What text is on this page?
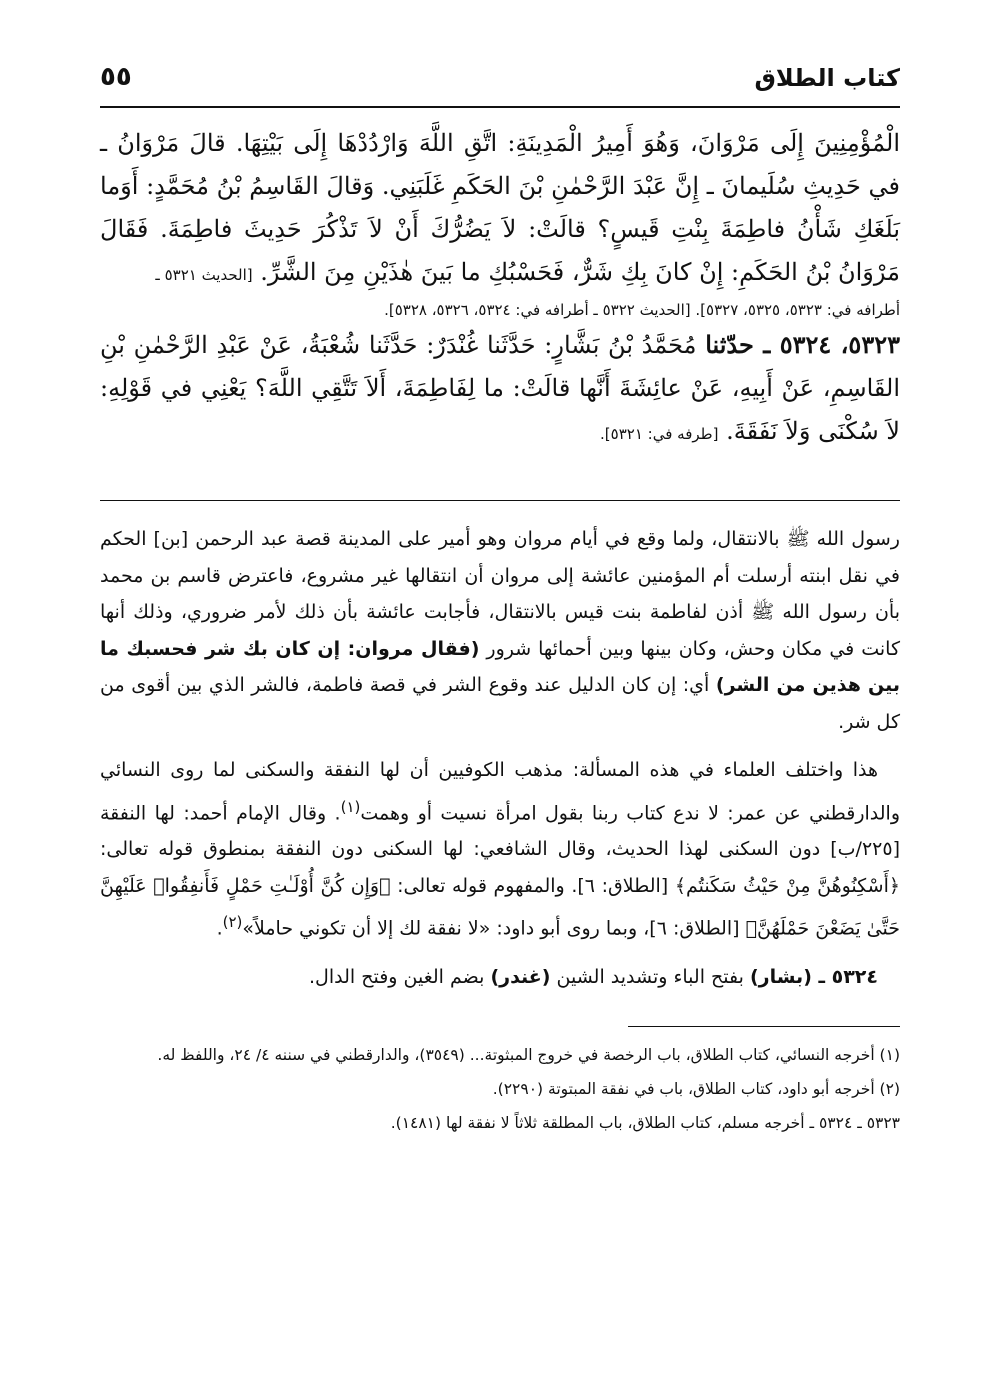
كتاب الطلاق
٥٥

الْمُؤْمِنِينَ إِلَى مَرْوَانَ، وَهُوَ أَمِيرُ الْمَدِينَةِ: اتَّقِ اللَّهَ وَارْدُدْهَا إِلَى بَيْتِهَا. قالَ مَرْوَانُ ـ في حَدِيثِ سُلَيمانَ ـ إِنَّ عَبْدَ الرَّحْمٰنِ بْنَ الحَكَمِ غَلَبَنِي. وَقالَ القَاسِمُ بْنُ مُحَمَّدٍ: أَوَما بَلَغَكِ شَأْنُ فاطِمَةَ بِنْتِ قَيسٍ؟ قالَتْ: لاَ يَضُرُّكَ أَنْ لاَ تَذْكُرَ حَدِيثَ فاطِمَةَ. فَقَالَ مَرْوَانُ بْنُ الحَكَمِ: إِنْ كانَ بِكِ شَرٌّ، فَحَسْبُكِ ما بَينَ هٰذَيْنِ مِنَ الشَّرِّ. [الحديث ٥٣٢١ ـ

أطرافه في: ٥٣٢٣، ٥٣٢٥، ٥٣٢٧]. [الحديث ٥٣٢٢ ـ أطرافه في: ٥٣٢٤، ٥٣٢٦، ٥٣٢٨].

٥٣٢٣، ٥٣٢٤ ـ حدّثنا مُحَمَّدُ بْنُ بَشَّارٍ: حَدَّثَنا غُنْدَرٌ: حَدَّثَنا شُعْبَةُ، عَنْ عَبْدِ الرَّحْمٰنِ بْنِ القَاسِمِ، عَنْ أَبِيهِ، عَنْ عائِشَةَ أَنَّها قالَتْ: ما لِفَاطِمَةَ، أَلاَ تَتَّقِي اللَّهَ؟ يَعْنِي في قَوْلِهِ: لاَ سُكْنَى وَلاَ نَفَقَةَ. [طرفه في: ٥٣٢١].

رسول الله ﷺ بالانتقال، ولما وقع في أيام مروان وهو أمير على المدينة قصة عبد الرحمن [بن] الحكم في نقل ابنته أرسلت أم المؤمنين عائشة إلى مروان أن انتقالها غير مشروع، فاعترض قاسم بن محمد بأن رسول الله ﷺ أذن لفاطمة بنت قيس بالانتقال، فأجابت عائشة بأن ذلك لأمر ضروري، وذلك أنها كانت في مكان وحش، وكان بينها وبين أحمائها شرور (فقال مروان: إن كان بك شر فحسبك ما بين هذين من الشر) أي: إن كان الدليل عند وقوع الشر في قصة فاطمة، فالشر الذي بين أقوى من كل شر.

هذا واختلف العلماء في هذه المسألة: مذهب الكوفيين أن لها النفقة والسكنى لما روى النسائي والدارقطني عن عمر: لا ندع كتاب ربنا بقول امرأة نسيت أو وهمت$^{(١)}$. وقال الإمام أحمد: لها النفقة [٢٢٥/ب] دون السكنى لهذا الحديث، وقال الشافعي: لها السكنى دون النفقة بمنطوق قوله تعالى: ﴿أَسْكِنُوهُنَّ مِنْ حَيْثُ سَكَنتُم﴾ [الطلاق: ٦]. والمفهوم قوله تعالى: ﴿وَإِن كُنَّ أُوْلَـٰتِ حَمْلٍ فَأَنفِقُوا۟ عَلَيْهِنَّ حَتَّىٰ يَضَعْنَ حَمْلَهُنَّ﴾ [الطلاق: ٦]، وبما روى أبو داود: «لا نفقة لك إلا أن تكوني حاملاً»$^{(٢)}$.

٥٣٢٤ ـ (بشار) بفتح الباء وتشديد الشين (غندر) بضم الغين وفتح الدال.

(١) أخرجه النسائي، كتاب الطلاق، باب الرخصة في خروج المبثوتة... (٣٥٤٩)، والدارقطني في سننه ٤/ ٢٤، واللفظ له.

(٢) أخرجه أبو داود، كتاب الطلاق، باب في نفقة المبتوتة (٢٢٩٠).

٥٣٢٣ ـ ٥٣٢٤ ـ أخرجه مسلم، كتاب الطلاق، باب المطلقة ثلاثاً لا نفقة لها (١٤٨١).
